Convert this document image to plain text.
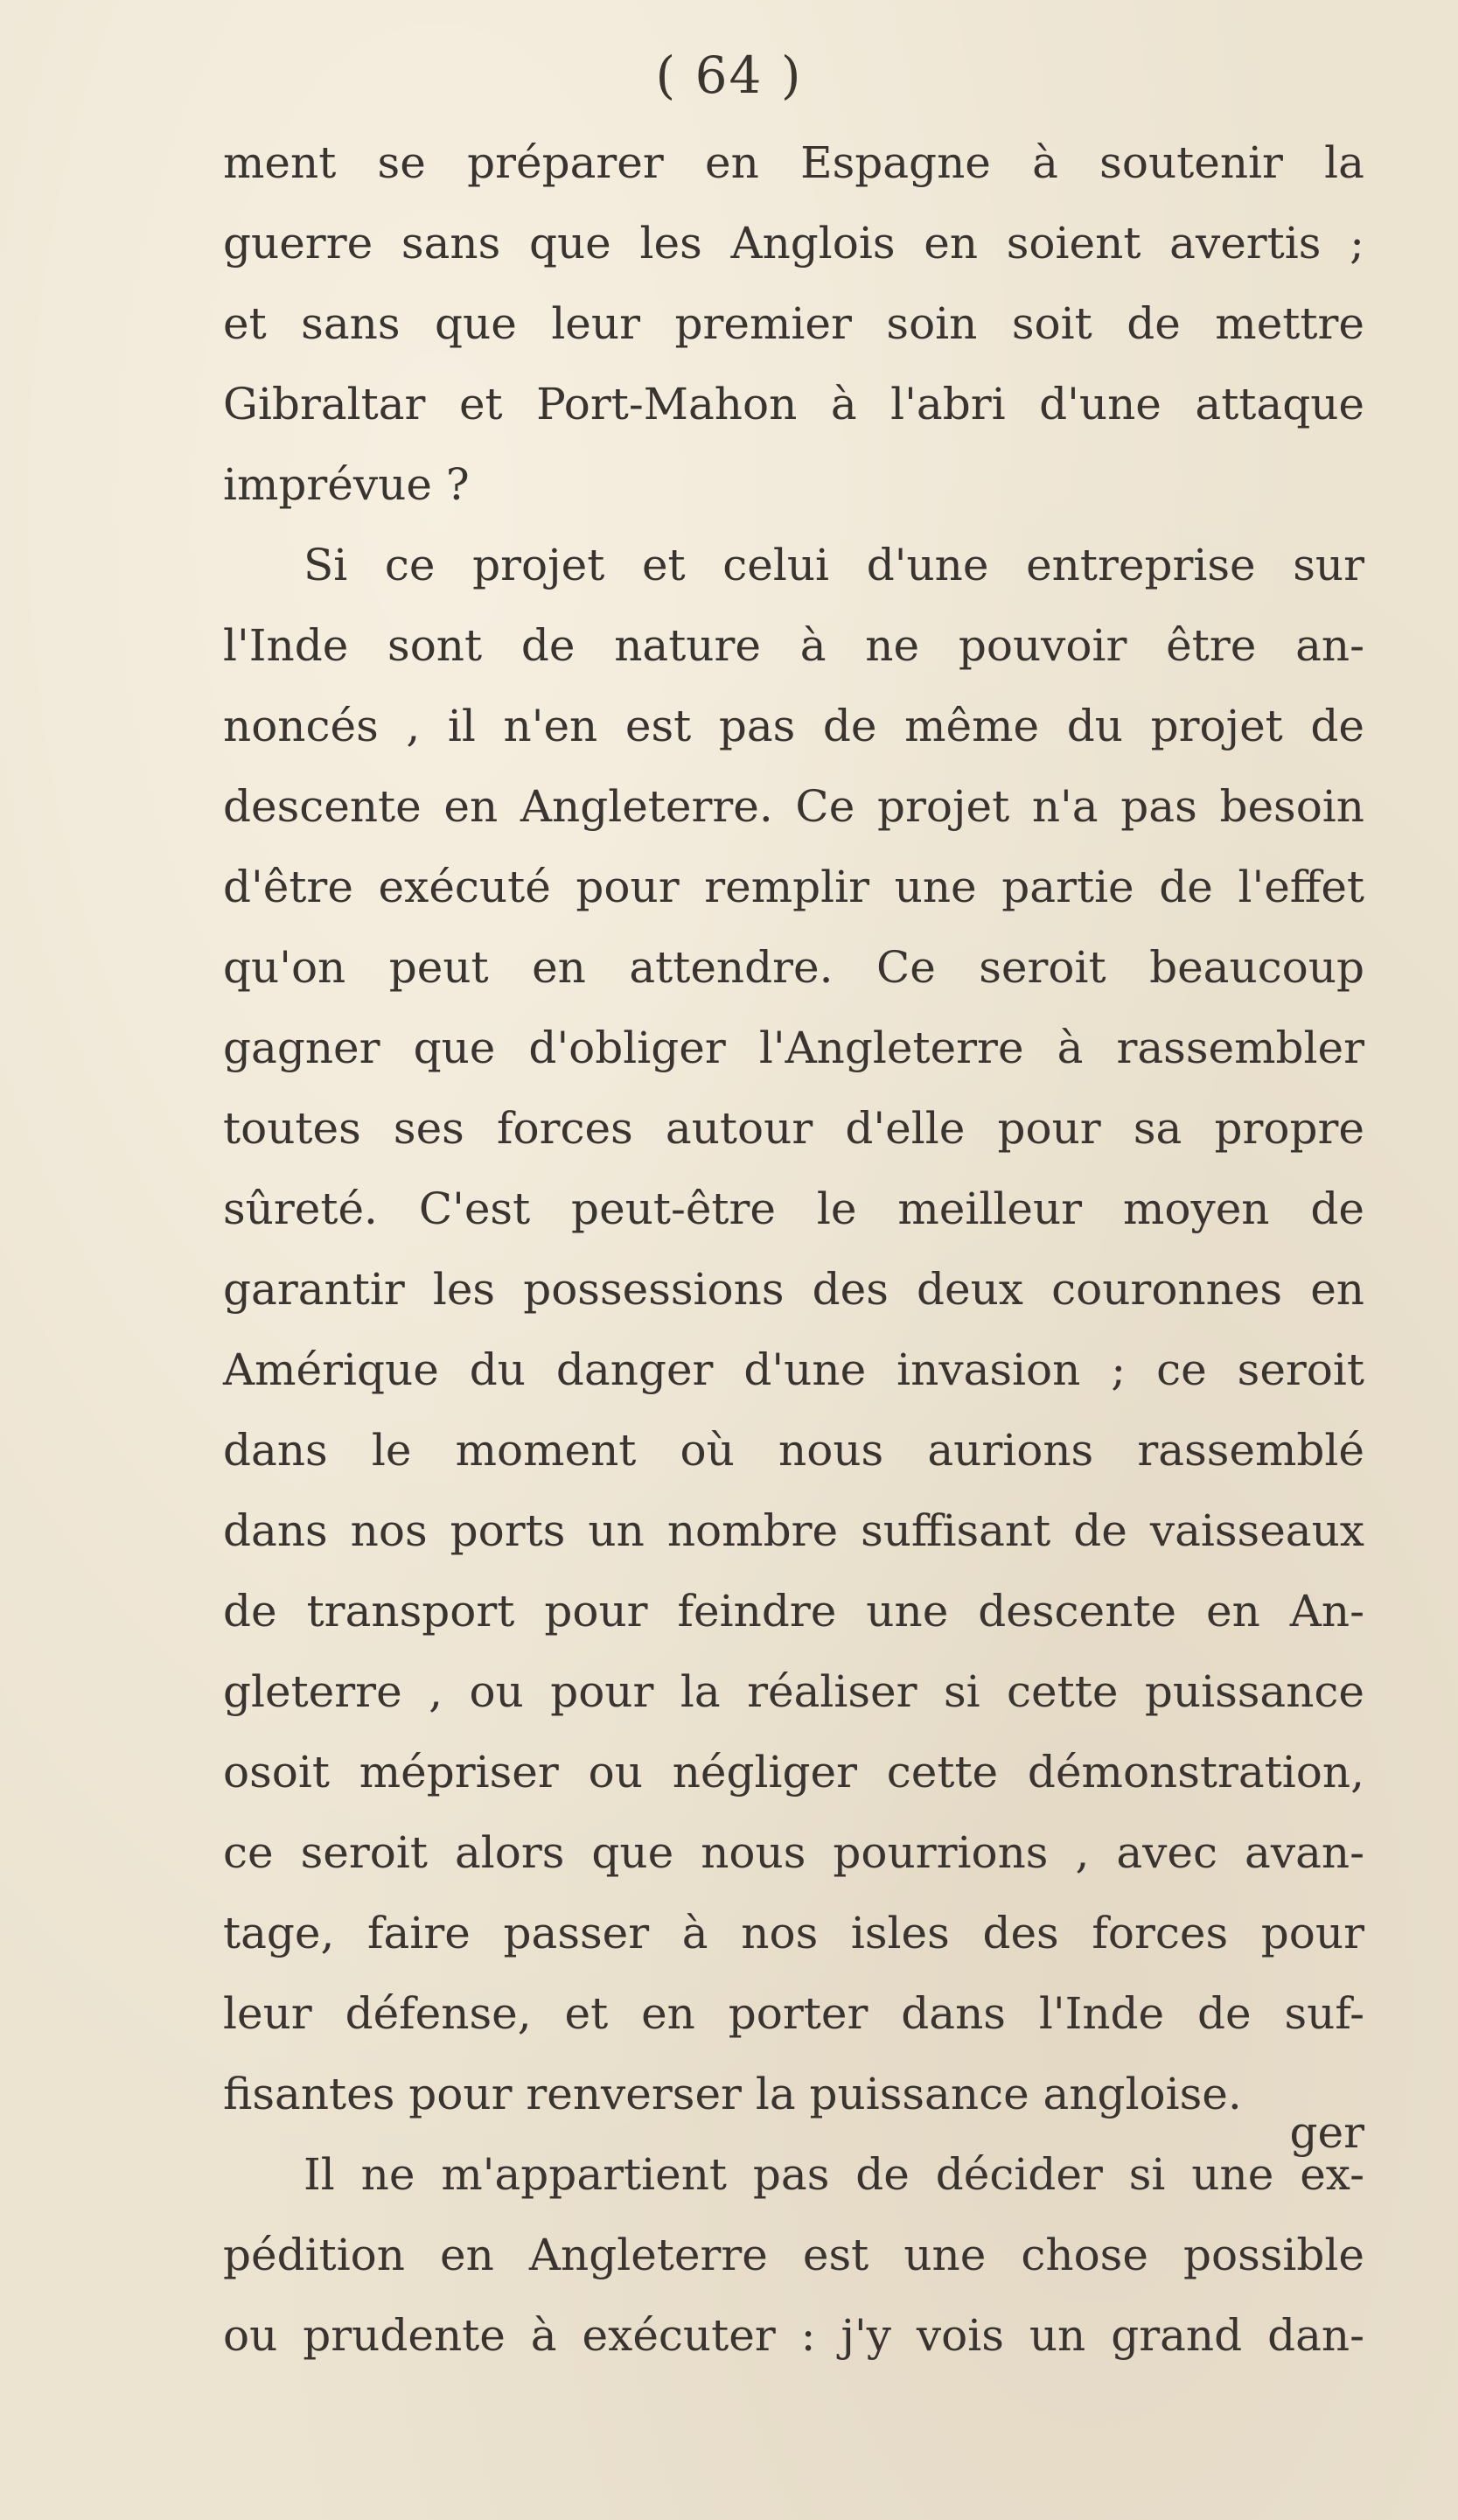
( 64 )
ment se préparer en Espagne à soutenir la
guerre sans que les Anglois en soient avertis ;
et sans que leur premier soin soit de mettre
Gibraltar et Port-Mahon à l'abri d'une attaque
imprévue ?
Si ce projet et celui d'une entreprise sur
l'Inde sont de nature à ne pouvoir être an-
noncés , il n'en est pas de même du projet de
descente en Angleterre. Ce projet n'a pas besoin
d'être exécuté pour remplir une partie de l'effet
qu'on peut en attendre. Ce seroit beaucoup
gagner que d'obliger l'Angleterre à rassembler
toutes ses forces autour d'elle pour sa propre
sûreté. C'est peut-être le meilleur moyen de
garantir les possessions des deux couronnes en
Amérique du danger d'une invasion ; ce seroit
dans le moment où nous aurions rassemblé
dans nos ports un nombre suffisant de vaisseaux
de transport pour feindre une descente en An-
gleterre , ou pour la réaliser si cette puissance
osoit mépriser ou négliger cette démonstration,
ce seroit alors que nous pourrions , avec avan-
tage, faire passer à nos isles des forces pour
leur défense, et en porter dans l'Inde de suf-
fisantes pour renverser la puissance angloise.
Il ne m'appartient pas de décider si une ex-
pédition en Angleterre est une chose possible
ou prudente à exécuter : j'y vois un grand dan-
ger
